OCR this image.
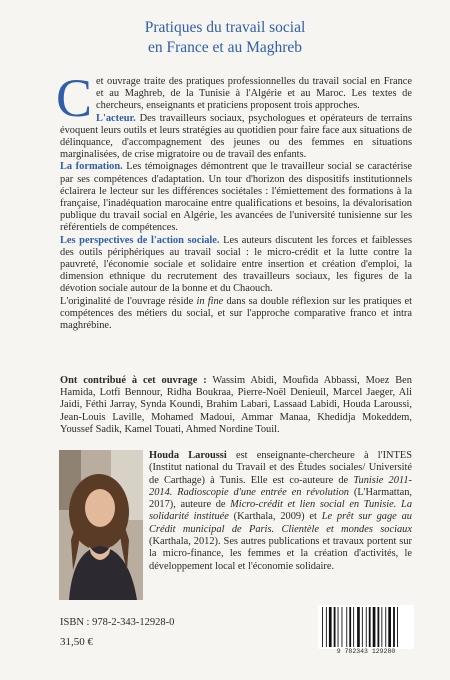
Pratiques du travail social
en France et au Maghreb

Cet ouvrage traite des pratiques professionnelles du travail social en France et au Maghreb, de la Tunisie à l'Algérie et au Maroc. Les textes de chercheurs, enseignants et praticiens proposent trois approches.

L'acteur. Des travailleurs sociaux, psychologues et opérateurs de terrains évoquent leurs outils et leurs stratégies au quotidien pour faire face aux situations de délinquance, d'accompagnement des jeunes ou des femmes en situations marginalisées, de crise migratoire ou de travail des enfants.

La formation. Les témoignages démontrent que le travailleur social se caractérise par ses compétences d'adaptation. Un tour d'horizon des dispositifs institutionnels éclairera le lecteur sur les différences sociétales : l'émiettement des formations à la française, l'inadéquation marocaine entre qualifications et besoins, la dévalorisation publique du travail social en Algérie, les avancées de l'université tunisienne sur les référentiels de compétences.

Les perspectives de l'action sociale. Les auteurs discutent les forces et faiblesses des outils périphériques au travail social : le micro-crédit et la lutte contre la pauvreté, l'économie sociale et solidaire entre insertion et création d'emploi, la dimension ethnique du recrutement des travailleurs sociaux, les figures de la dévotion sociale autour de la bonne et du Chaouch.

L'originalité de l'ouvrage réside in fine dans sa double réflexion sur les pratiques et compétences des métiers du social, et sur l'approche comparative franco et intra maghrébine.

Ont contribué à cet ouvrage : Wassim Abidi, Moufida Abbassi, Moez Ben Hamida, Lotfi Bennour, Ridha Boukraa, Pierre-Noël Denieuil, Marcel Jaeger, Ali Jaidi, Féthi Jarray, Synda Koundi, Brahim Labari, Lassaad Labidi, Houda Laroussi, Jean-Louis Laville, Mohamed Madoui, Ammar Manaa, Khedidja Mokeddem, Youssef Sadik, Kamel Touati, Ahmed Nordine Touil.
Houda Laroussi est enseignante-chercheure à l'INTES (Institut national du Travail et des Études sociales/ Université de Carthage) à Tunis. Elle est co-auteure de Tunisie 2011-2014. Radioscopie d'une entrée en révolution (L'Harmattan, 2017), auteure de Micro-crédit et lien social en Tunisie. La solidarité instituée (Karthala, 2009) et Le prêt sur gage au Crédit municipal de Paris. Clientèle et mondes sociaux (Karthala, 2012). Ses autres publications et travaux portent sur la micro-finance, les femmes et la création d'activités, le développement local et l'économie solidaire.
ISBN : 978-2-343-12928-0
31,50 €
9 782343 129280
